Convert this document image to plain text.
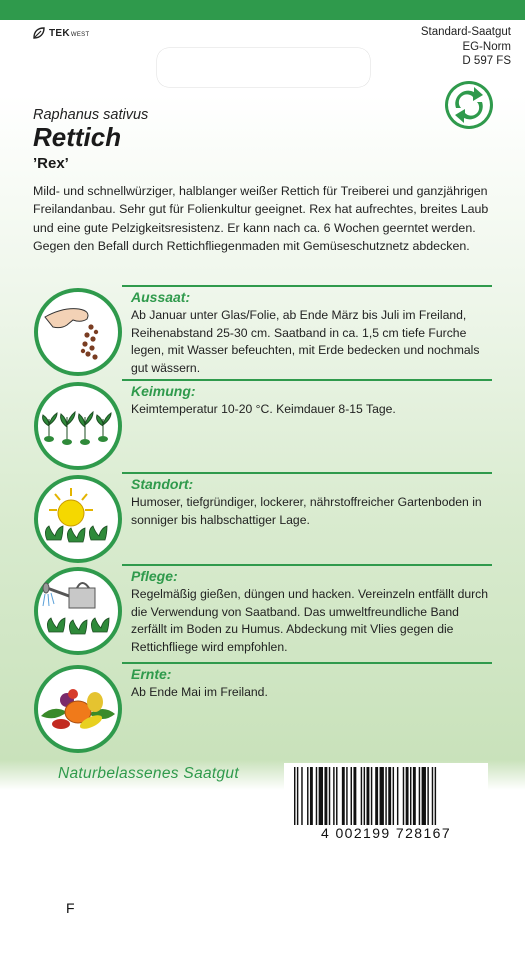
TEKWEST	Standard-Saatgut
EG-Norm
D 597 FS
Raphanus sativus
Rettich
’Rex’

Mild- und schnellwürziger, halblanger weißer Rettich für Treiberei und ganzjährigen Freilandanbau. Sehr gut für Folienkultur geeignet. Rex hat aufrechtes, breites Laub und eine gute Pelzigkeitsresistenz. Er kann nach ca. 6 Wochen geerntet werden. Gegen den Befall durch Rettichfliegenmaden mit Gemüseschutznetz abdecken.

Aussaat:

Ab Januar unter Glas/Folie, ab Ende März bis Juli im Freiland, Reihenabstand 25-30 cm. Saatband in ca. 1,5 cm tiefe Furche legen, mit Wasser befeuchten, mit Erde bedecken und nochmals gut wässern.

Keimung:

Keimtemperatur 10-20 °C. Keimdauer 8-15 Tage.

Standort:

Humoser, tiefgründiger, lockerer, nährstoffreicher Gartenboden in sonniger bis halbschattiger Lage.

Pflege:

Regelmäßig gießen, düngen und hacken. Vereinzeln entfällt durch die Verwendung von Saatband. Das umweltfreundliche Band zerfällt im Boden zu Humus. Abdeckung mit Vlies gegen die Rettichfliege wird empfohlen.

Ernte:

Ab Ende Mai im Freiland.

Naturbelassenes Saatgut
4 002199 728167
F
